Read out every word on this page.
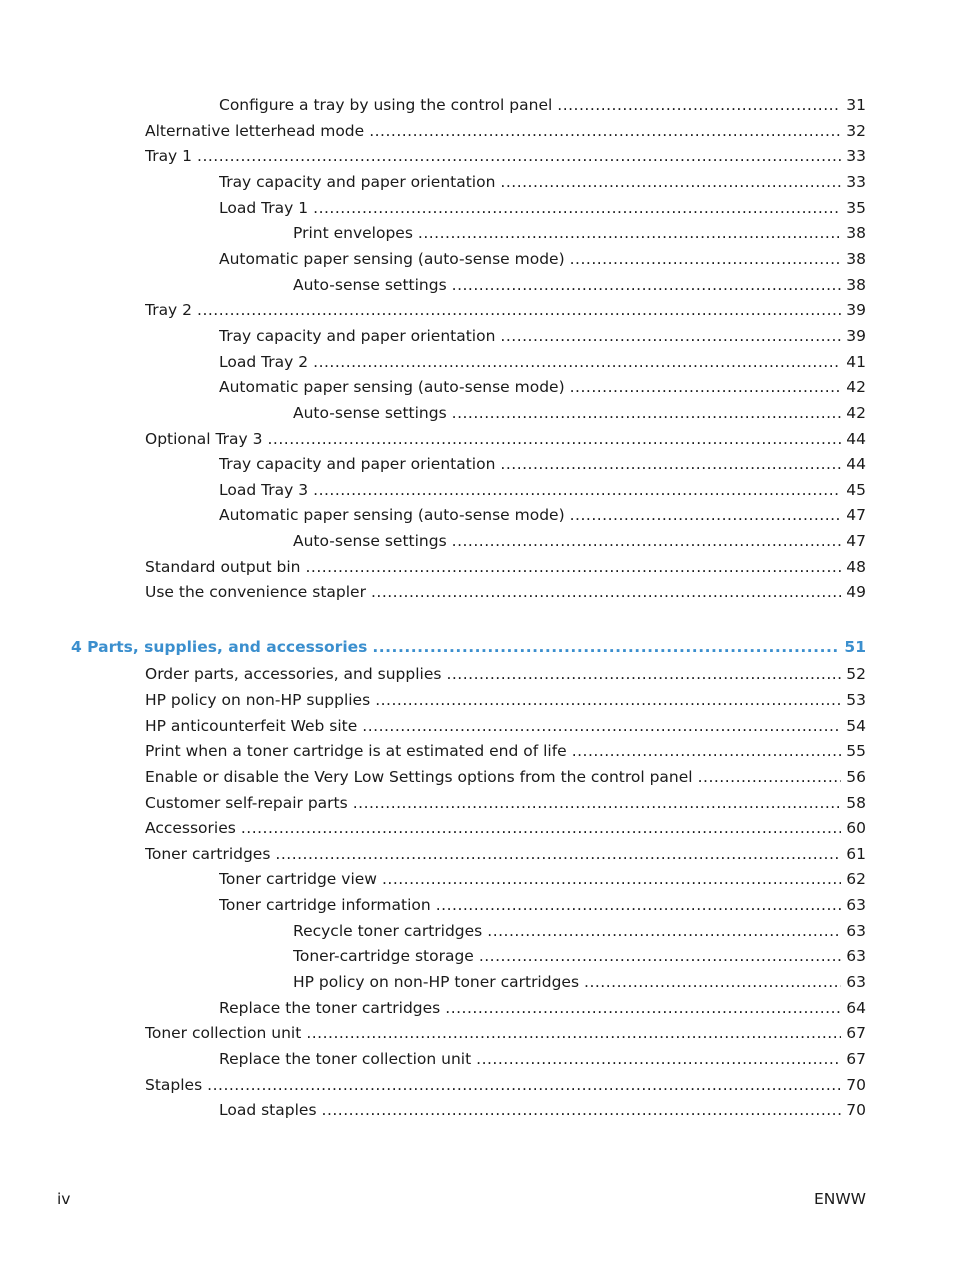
Configure a tray by using the control panel .....	31
Alternative letterhead mode .....	32
Tray 1 .....	33
Tray capacity and paper orientation .....	33
Load Tray 1 .....	35
Print envelopes .....	38
Automatic paper sensing (auto-sense mode) .....	38
Auto-sense settings .....	38
Tray 2 .....	39
Tray capacity and paper orientation .....	39
Load Tray 2 .....	41
Automatic paper sensing (auto-sense mode) .....	42
Auto-sense settings .....	42
Optional Tray 3 .....	44
Tray capacity and paper orientation .....	44
Load Tray 3 .....	45
Automatic paper sensing (auto-sense mode) .....	47
Auto-sense settings .....	47
Standard output bin .....	48
Use the convenience stapler .....	49
4 Parts, supplies, and accessories .....	51
Order parts, accessories, and supplies .....	52
HP policy on non-HP supplies .....	53
HP anticounterfeit Web site .....	54
Print when a toner cartridge is at estimated end of life .....	55
Enable or disable the Very Low Settings options from the control panel .....	56
Customer self-repair parts .....	58
Accessories .....	60
Toner cartridges .....	61
Toner cartridge view .....	62
Toner cartridge information .....	63
Recycle toner cartridges .....	63
Toner-cartridge storage .....	63
HP policy on non-HP toner cartridges .....	63
Replace the toner cartridges .....	64
Toner collection unit .....	67
Replace the toner collection unit .....	67
Staples .....	70
Load staples .....	70
iv	ENWW
